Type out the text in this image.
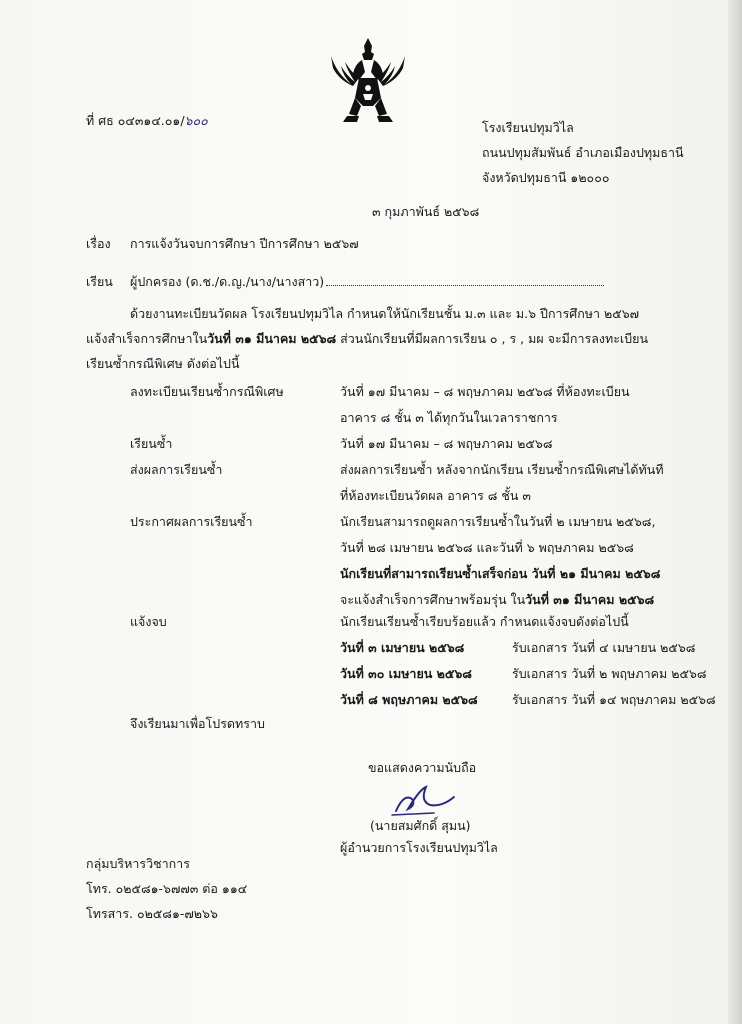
ที่ ศธ ๐๔๓๑๔.๐๑/๖๐๐	โรงเรียนปทุมวิไล
ถนนปทุมสัมพันธ์ อำเภอเมืองปทุมธานี
จังหวัดปทุมธานี ๑๒๐๐๐
๓ กุมภาพันธ์ ๒๕๖๘
เรื่อง การแจ้งวันจบการศึกษา ปีการศึกษา ๒๕๖๗
เรียน ผู้ปกครอง (ด.ช./ด.ญ./นาง/นางสาว)
ด้วยงานทะเบียนวัดผล โรงเรียนปทุมวิไล กำหนดให้นักเรียนชั้น ม.๓ และ ม.๖ ปีการศึกษา ๒๕๖๗
แจ้งสำเร็จการศึกษาในวันที่ ๓๑ มีนาคม ๒๕๖๘ ส่วนนักเรียนที่มีผลการเรียน ๐ , ร , มผ จะมีการลงทะเบียน
เรียนซ้ำกรณีพิเศษ ดังต่อไปนี้
ลงทะเบียนเรียนซ้ำกรณีพิเศษ	วันที่ ๑๗ มีนาคม – ๘ พฤษภาคม ๒๕๖๘ ที่ห้องทะเบียน
อาคาร ๘ ชั้น ๓ ได้ทุกวันในเวลาราชการ
เรียนซ้ำ	วันที่ ๑๗ มีนาคม – ๘ พฤษภาคม ๒๕๖๘
ส่งผลการเรียนซ้ำ	ส่งผลการเรียนซ้ำ หลังจากนักเรียน เรียนซ้ำกรณีพิเศษได้ทันที
ที่ห้องทะเบียนวัดผล อาคาร ๘ ชั้น ๓
ประกาศผลการเรียนซ้ำ	นักเรียนสามารถดูผลการเรียนซ้ำในวันที่ ๒ เมษายน ๒๕๖๘,
วันที่ ๒๘ เมษายน ๒๕๖๘ และวันที่ ๖ พฤษภาคม ๒๕๖๘
นักเรียนที่สามารถเรียนซ้ำเสร็จก่อน วันที่ ๒๑ มีนาคม ๒๕๖๘
จะแจ้งสำเร็จการศึกษาพร้อมรุ่น ในวันที่ ๓๑ มีนาคม ๒๕๖๘
แจ้งจบ	นักเรียนเรียนซ้ำเรียบร้อยแล้ว กำหนดแจ้งจบดังต่อไปนี้
วันที่ ๓ เมษายน ๒๕๖๘	รับเอกสาร วันที่ ๔ เมษายน ๒๕๖๘
วันที่ ๓๐ เมษายน ๒๕๖๘	รับเอกสาร วันที่ ๒ พฤษภาคม ๒๕๖๘
วันที่ ๘ พฤษภาคม ๒๕๖๘	รับเอกสาร วันที่ ๑๔ พฤษภาคม ๒๕๖๘
จึงเรียนมาเพื่อโปรดทราบ
ขอแสดงความนับถือ
(นายสมศักดิ์ สุมน)
ผู้อำนวยการโรงเรียนปทุมวิไล
กลุ่มบริหารวิชาการ
โทร. ๐๒๕๘๑-๖๗๗๓ ต่อ ๑๑๔
โทรสาร. ๐๒๕๘๑-๗๒๖๖
